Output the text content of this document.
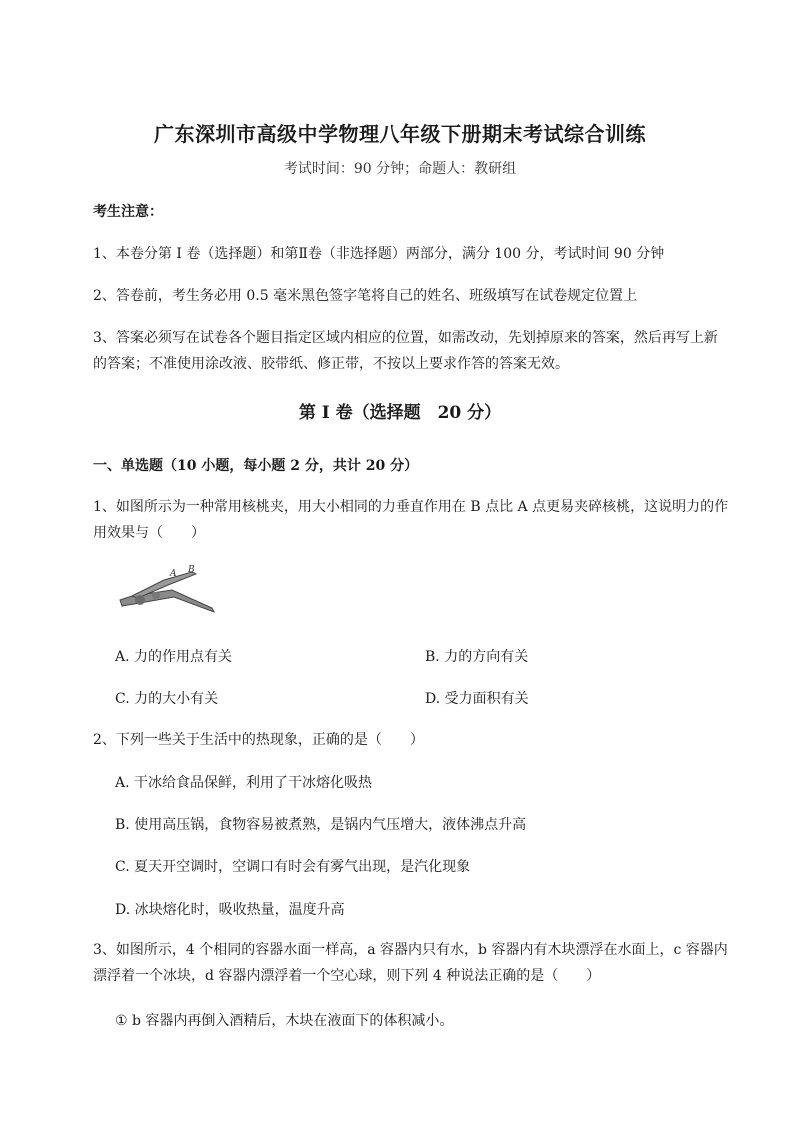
广东深圳市高级中学物理八年级下册期末考试综合训练
考试时间：90 分钟；命题人：教研组
考生注意：
1、本卷分第 I 卷（选择题）和第Ⅱ卷（非选择题）两部分，满分 100 分，考试时间 90 分钟
2、答卷前，考生务必用 0.5 毫米黑色签字笔将自己的姓名、班级填写在试卷规定位置上
3、答案必须写在试卷各个题目指定区域内相应的位置，如需改动，先划掉原来的答案，然后再写上新
的答案；不准使用涂改液、胶带纸、修正带，不按以上要求作答的答案无效。
第 I 卷（选择题　20 分）
一、单选题（10 小题，每小题 2 分，共计 20 分）
1、如图所示为一种常用核桃夹，用大小相同的力垂直作用在 B 点比 A 点更易夹碎核桃，这说明力的作
用效果与（　　）
A B
A. 力的作用点有关	B. 力的方向有关
C. 力的大小有关	D. 受力面积有关
2、下列一些关于生活中的热现象，正确的是（　　）
A. 干冰给食品保鲜，利用了干冰熔化吸热
B. 使用高压锅，食物容易被煮熟，是锅内气压增大，液体沸点升高
C. 夏天开空调时，空调口有时会有雾气出现，是汽化现象
D. 冰块熔化时，吸收热量，温度升高
3、如图所示，4 个相同的容器水面一样高，a 容器内只有水，b 容器内有木块漂浮在水面上，c 容器内
漂浮着一个冰块，d 容器内漂浮着一个空心球，则下列 4 种说法正确的是（　　）
① b 容器内再倒入酒精后，木块在液面下的体积减小。
